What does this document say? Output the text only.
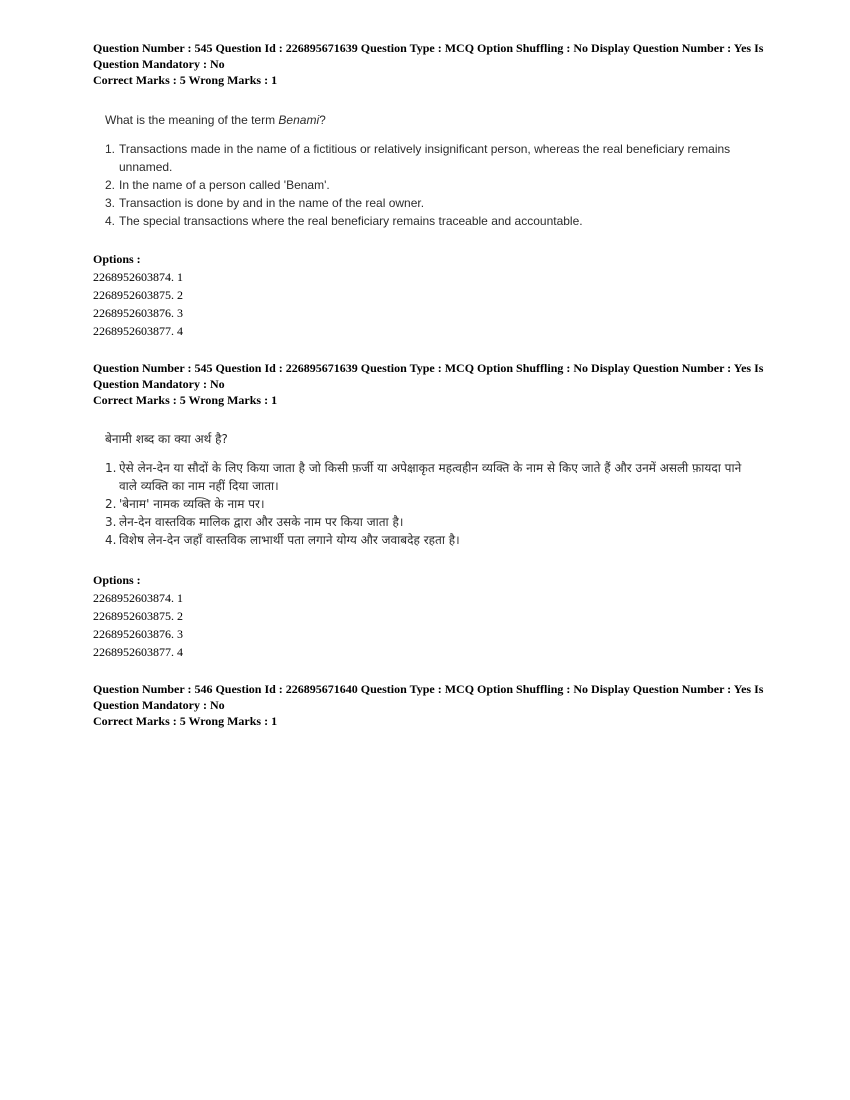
Question Number : 545 Question Id : 226895671639 Question Type : MCQ Option Shuffling : No Display Question Number : Yes Is

Question Mandatory : No

Correct Marks : 5 Wrong Marks : 1

What is the meaning of the term Benami?

1. Transactions made in the name of a fictitious or relatively insignificant person, whereas the real beneficiary remains unnamed.
2. In the name of a person called 'Benam'.
3. Transaction is done by and in the name of the real owner.
4. The special transactions where the real beneficiary remains traceable and accountable.
Options :
2268952603874. 1
2268952603875. 2
2268952603876. 3
2268952603877. 4

Question Number : 545 Question Id : 226895671639 Question Type : MCQ Option Shuffling : No Display Question Number : Yes Is

Question Mandatory : No

Correct Marks : 5 Wrong Marks : 1

बेनामी शब्द का क्या अर्थ है?

1. ऐसे लेन-देन या सौदों के लिए किया जाता है जो किसी फ़र्जी या अपेक्षाकृत महत्वहीन व्यक्ति के नाम से किए जाते हैं और उनमें असली फ़ायदा पाने वाले व्यक्ति का नाम नहीं दिया जाता।
2. 'बेनाम' नामक व्यक्ति के नाम पर।
3. लेन-देन वास्तविक मालिक द्वारा और उसके नाम पर किया जाता है।
4. विशेष लेन-देन जहाँ वास्तविक लाभार्थी पता लगाने योग्य और जवाबदेह रहता है।
Options :
2268952603874. 1
2268952603875. 2
2268952603876. 3
2268952603877. 4

Question Number : 546 Question Id : 226895671640 Question Type : MCQ Option Shuffling : No Display Question Number : Yes Is

Question Mandatory : No

Correct Marks : 5 Wrong Marks : 1
